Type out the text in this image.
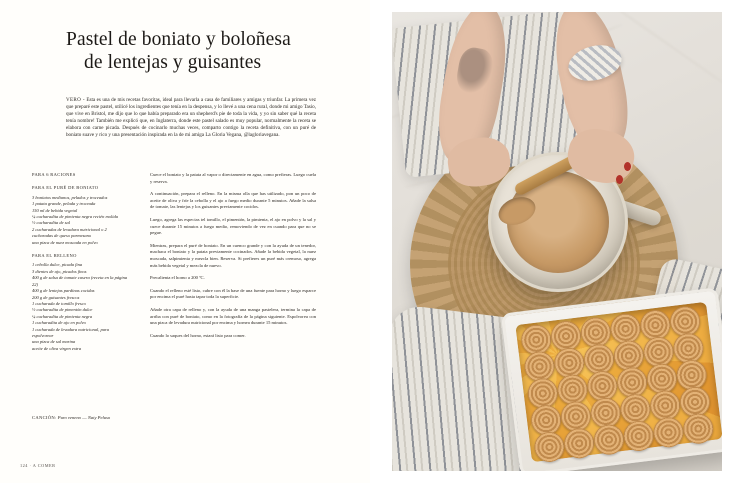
Pastel de boniato y boloñesa
de lentejas y guisantes
VERO - Esta es una de mis recetas favoritas, ideal para llevarla a casa de familiares y amigas y triunfar. La primera vez que preparé este pastel, utilicé los ingredientes que tenía en la despensa, y lo llevé a una cena rural, donde mi amigo Tasio, que vive en Bristol, me dijo que lo que había preparado era un shepherd's pie de toda la vida, y yo sin saber qué la receta tenía nombre! También me explicó que, en Inglaterra, donde este pastel salado es muy popular, normalmente la receta se elabora con carne picada. Después de cocinarlo muchas veces, comparto contigo la receta definitiva, con un puré de boniato suave y rico y una presentación inspirada en la de mi amiga La Gloria Vegana, @lagloriavegana.
PARA 6 RACIONES
PARA EL PURÉ DE BONIATO
3 boniatos medianos, pelados y troceados
1 patata grande, pelada y troceada
150 ml de bebida vegetal
¼ cucharadita de pimienta negra recién molida
½ cucharadita de sal
2 cucharadas de levadura nutricional o 2 cucharadas de queso parmesano
una pizca de nuez moscada en polvo
PARA EL RELLENO
1 cebolla dulce, picada fina
3 dientes de ajo, picados finos
400 g de salsa de tomate casera (receta en la página 22)
400 g de lentejas pardinas cocidas
200 g de guisantes frescos
1 cucharada de tomillo fresco
½ cucharadita de pimentón dulce
¼ cucharadita de pimienta negra
1 cucharadita de ajo en polvo
1 cucharada de levadura nutricional, para espolvorear
una pizca de sal marina
aceite de oliva virgen extra

Cuece el boniato y la patata al vapor o directamente en agua, como prefieras. Luego cuela y reserva.

A continuación, prepara el relleno. En la misma olla que has utilizado, pon un poco de aceite de oliva y fríe la cebolla y el ajo a fuego medio durante 5 minutos. Añade la salsa de tomate, las lentejas y los guisantes previamente cocidos.

Luego, agrega las especias tel tomillo, el pimentón, la pimienta, el ajo en polvo y la sal y cuece durante 15 minutos a fuego medio, removiendo de vez en cuando para que no se pegue.

Mientras, prepara el puré de boniato. En un cuenco grande y con la ayuda de un tenedor, machaca el boniato y la patata previamente cocinados. Añade la bebida vegetal, la nuez moscada, salpimienta y mezcla bien. Reserva. Si prefieres un puré más cremoso, agrega más bebida vegetal y mezcla de nuevo.

Precalienta el horno a 200 ºC.

Cuando el relleno esté listo, cubre con él la base de una fuente para horno y luego esparce por encima el puré hasta tapar toda la superficie.

Añade otra capa de relleno y, con la ayuda de una manga pastelera, termina la capa de arriba con puré de boniato, como en la fotografía de la página siguiente. Espolvorea con una pizca de levadura nutricional por encima y hornea durante 15 minutos.

Cuando lo saques del horno, estará listo para comer.

CANCIÓN: Puro veneno — Naty Peluso
124 · A COMER
